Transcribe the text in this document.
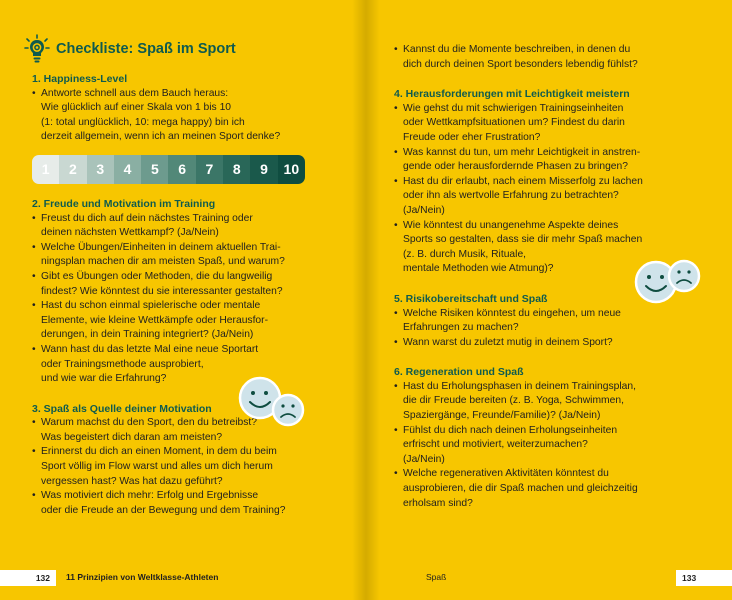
Checkliste: Spaß im Sport
1. Happiness-Level
• Antworte schnell aus dem Bauch heraus:
Wie glücklich auf einer Skala von 1 bis 10
(1: total unglücklich, 10: mega happy) bin ich
derzeit allgemein, wenn ich an meinen Sport denke?
1	2	3	4	5	6	7	8	9	10
2. Freude und Motivation im Training
• Freust du dich auf dein nächstes Training oder
deinen nächsten Wettkampf? (Ja/Nein)
• Welche Übungen/Einheiten in deinem aktuellen Trai-
ningsplan machen dir am meisten Spaß, und warum?
• Gibt es Übungen oder Methoden, die du langweilig
findest? Wie könntest du sie interessanter gestalten?
• Hast du schon einmal spielerische oder mentale
Elemente, wie kleine Wettkämpfe oder Herausfor-
derungen, in dein Training integriert? (Ja/Nein)
• Wann hast du das letzte Mal eine neue Sportart
oder Trainingsmethode ausprobiert,
und wie war die Erfahrung?
3. Spaß als Quelle deiner Motivation
• Warum machst du den Sport, den du betreibst?
Was begeistert dich daran am meisten?
• Erinnerst du dich an einen Moment, in dem du beim
Sport völlig im Flow warst und alles um dich herum
vergessen hast? Was hat dazu geführt?
• Was motiviert dich mehr: Erfolg und Ergebnisse
oder die Freude an der Bewegung und dem Training?
132	11 Prinzipien von Weltklasse-Athleten
• Kannst du die Momente beschreiben, in denen du
dich durch deinen Sport besonders lebendig fühlst?
4. Herausforderungen mit Leichtigkeit meistern
• Wie gehst du mit schwierigen Trainingseinheiten
oder Wettkampfsituationen um? Findest du darin
Freude oder eher Frustration?
• Was kannst du tun, um mehr Leichtigkeit in anstren-
gende oder herausfordernde Phasen zu bringen?
• Hast du dir erlaubt, nach einem Misserfolg zu lachen
oder ihn als wertvolle Erfahrung zu betrachten?
(Ja/Nein)
• Wie könntest du unangenehme Aspekte deines
Sports so gestalten, dass sie dir mehr Spaß machen
(z. B. durch Musik, Rituale,
mentale Methoden wie Atmung)?
5. Risikobereitschaft und Spaß
• Welche Risiken könntest du eingehen, um neue
Erfahrungen zu machen?
• Wann warst du zuletzt mutig in deinem Sport?
6. Regeneration und Spaß
• Hast du Erholungsphasen in deinem Trainingsplan,
die dir Freude bereiten (z. B. Yoga, Schwimmen,
Spaziergänge, Freunde/Familie)? (Ja/Nein)
• Fühlst du dich nach deinen Erholungseinheiten
erfrischt und motiviert, weiterzumachen?
(Ja/Nein)
• Welche regenerativen Aktivitäten könntest du
ausprobieren, die dir Spaß machen und gleichzeitig
erholsam sind?
Spaß	133
